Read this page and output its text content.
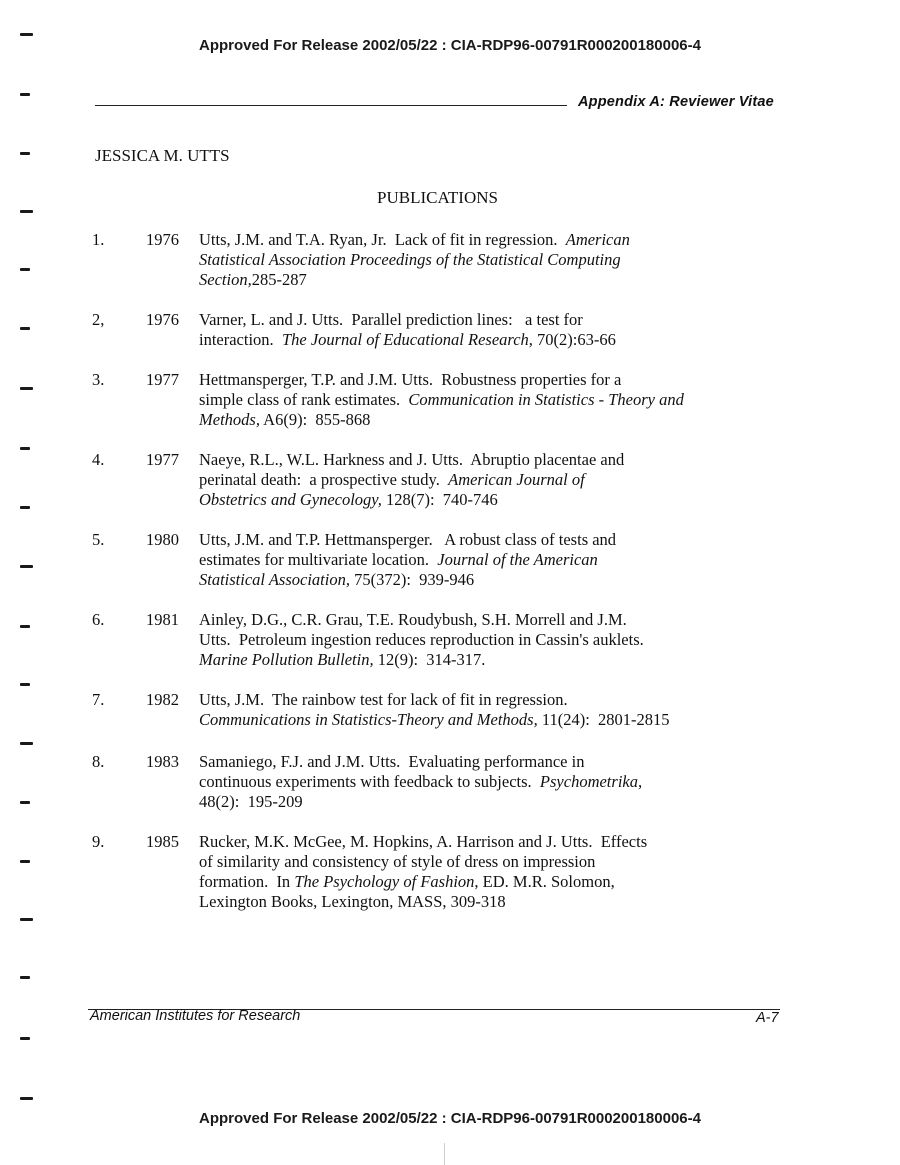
Approved For Release 2002/05/22 : CIA-RDP96-00791R000200180006-4
Appendix A: Reviewer Vitae
JESSICA M. UTTS
PUBLICATIONS
1.	1976 Utts, J.M. and T.A. Ryan, Jr.  Lack of fit in regression.  American
Statistical Association Proceedings of the Statistical Computing
Section,285-287
2,	1976 Varner, L. and J. Utts.  Parallel prediction lines:   a test for
interaction.  The Journal of Educational Research, 70(2):63-66
3.	1977 Hettmansperger, T.P. and J.M. Utts.  Robustness properties for a
simple class of rank estimates.  Communication in Statistics - Theory and
Methods, A6(9):  855-868
4.	1977 Naeye, R.L., W.L. Harkness and J. Utts.  Abruptio placentae and
perinatal death:  a prospective study.  American Journal of
Obstetrics and Gynecology, 128(7):  740-746
5.	1980 Utts, J.M. and T.P. Hettmansperger.   A robust class of tests and
estimates for multivariate location.  Journal of the American
Statistical Association, 75(372):  939-946
6.	1981 Ainley, D.G., C.R. Grau, T.E. Roudybush, S.H. Morrell and J.M.
Utts.  Petroleum ingestion reduces reproduction in Cassin's auklets.
Marine Pollution Bulletin, 12(9):  314-317.
7.	1982 Utts, J.M.  The rainbow test for lack of fit in regression.
Communications in Statistics-Theory and Methods, 11(24):  2801-2815
8.	1983 Samaniego, F.J. and J.M. Utts.  Evaluating performance in
continuous experiments with feedback to subjects.  Psychometrika,
48(2):  195-209
9.	1985 Rucker, M.K. McGee, M. Hopkins, A. Harrison and J. Utts.  Effects
of similarity and consistency of style of dress on impression
formation.  In The Psychology of Fashion, ED. M.R. Solomon,
Lexington Books, Lexington, MASS, 309-318
American Institutes for Research	A-7
Approved For Release 2002/05/22 : CIA-RDP96-00791R000200180006-4
